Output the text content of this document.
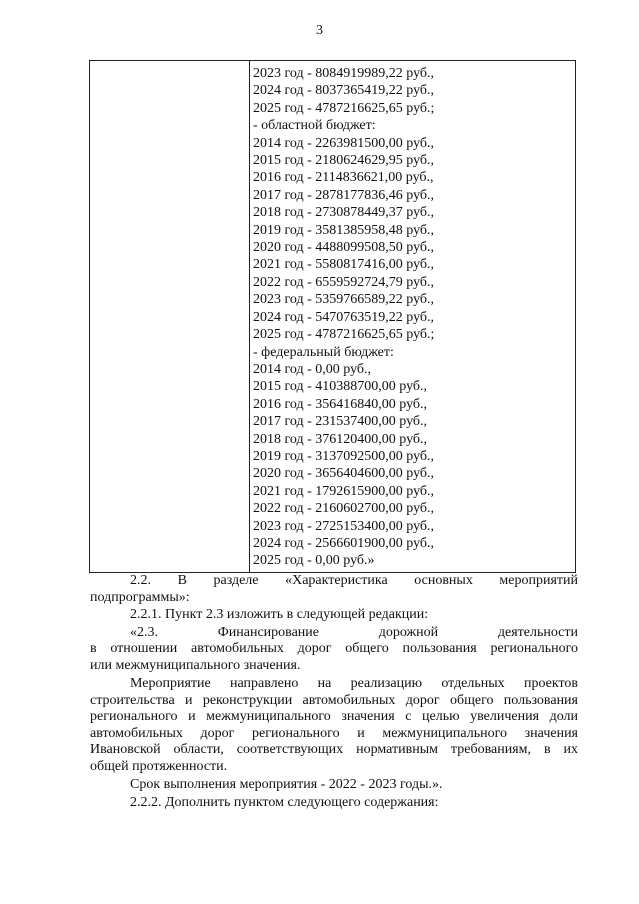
3
2023 год - 8084919989,22 руб.,
2024 год - 8037365419,22 руб.,
2025 год - 4787216625,65 руб.;
- областной бюджет:
2014 год - 2263981500,00 руб.,
2015 год - 2180624629,95 руб.,
2016 год - 2114836621,00 руб.,
2017 год - 2878177836,46 руб.,
2018 год - 2730878449,37 руб.,
2019 год - 3581385958,48 руб.,
2020 год - 4488099508,50 руб.,
2021 год - 5580817416,00 руб.,
2022 год - 6559592724,79 руб.,
2023 год - 5359766589,22 руб.,
2024 год - 5470763519,22 руб.,
2025 год - 4787216625,65 руб.;
- федеральный бюджет:
2014 год - 0,00 руб.,
2015 год - 410388700,00 руб.,
2016 год - 356416840,00 руб.,
2017 год - 231537400,00 руб.,
2018 год - 376120400,00 руб.,
2019 год - 3137092500,00 руб.,
2020 год - 3656404600,00 руб.,
2021 год - 1792615900,00 руб.,
2022 год - 2160602700,00 руб.,
2023 год - 2725153400,00 руб.,
2024 год - 2566601900,00 руб.,
2025 год - 0,00 руб.»
2.2. В разделе «Характеристика основных мероприятий
подпрограммы»:
2.2.1. Пункт 2.3 изложить в следующей редакции:
«2.3. Финансирование дорожной деятельности
в отношении автомобильных дорог общего пользования регионального
или межмуниципального значения.
Мероприятие направлено на реализацию отдельных проектов
строительства и реконструкции автомобильных дорог общего пользования
регионального и межмуниципального значения с целью увеличения доли
автомобильных дорог регионального и межмуниципального значения
Ивановской области, соответствующих нормативным требованиям, в их
общей протяженности.
Срок выполнения мероприятия - 2022 - 2023 годы.».
2.2.2. Дополнить пунктом следующего содержания:
